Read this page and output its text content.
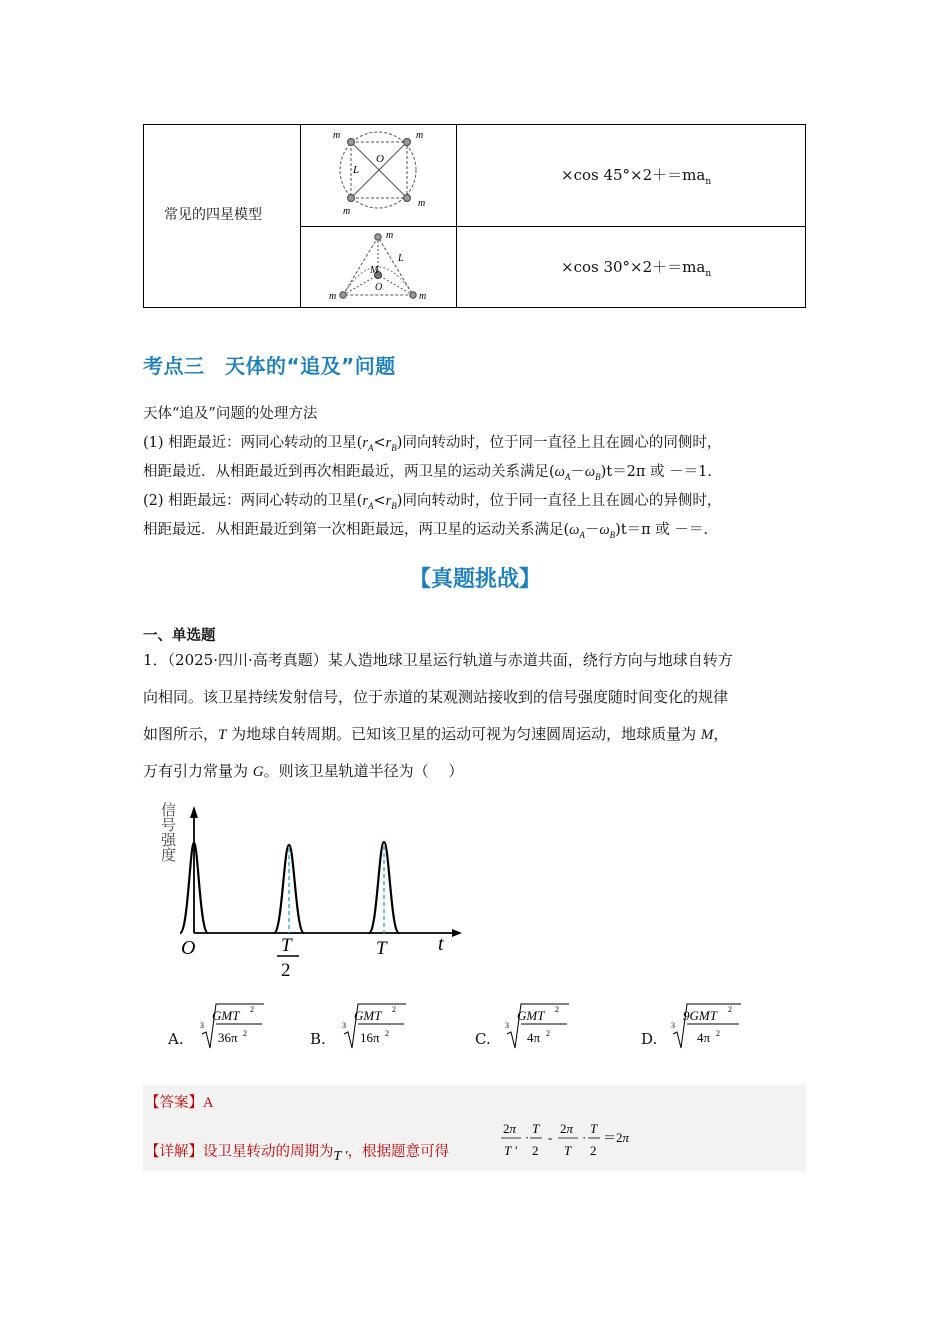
常见的四星模型
m	m
m
m
L
O
×cos $45^\circ\times 2+=ma_n$
m
m	m
M
L
O
×cos $30^\circ\times 2+=ma_n$
考点三　天体的“追及”问题
天体“追及”问题的处理方法
(1) 相距最近：两同心转动的卫星$(r_A<r_B)$同向转动时，位于同一直径上且在圆心的同侧时，
相距最近．从相距最近到再次相距最近，两卫星的运动关系满足$(\omega_A-\omega_B)t=2\pi$ 或 －＝1.
(2) 相距最远：两同心转动的卫星$(r_A<r_B)$同向转动时，位于同一直径上且在圆心的异侧时，
相距最远．从相距最近到第一次相距最远，两卫星的运动关系满足$(\omega_A-\omega_B)t=\pi$ 或 －＝.
【真题挑战】
一、单选题
1．（2025·四川·高考真题）某人造地球卫星运行轨道与赤道共面，绕行方向与地球自转方
向相同。该卫星持续发射信号，位于赤道的某观测站接收到的信号强度随时间变化的规律
如图所示，T 为地球自转周期。已知该卫星的运动可视为匀速圆周运动，地球质量为 M，
万有引力常量为 G。则该卫星轨道半径为（　 ）
信号强度
t
O	T
2
T
A.
3
GMT 2
36π 2	B.
3
GMT 2
16π 2	C.
3
GMT 2
4π 2	D.
3
9GMT 2
4π 2
【答案】A
【详解】设卫星转动的周期为T ′，根据题意可得
2π
T ′
·
T
2
-
2π
T
·
T
2
＝2π
